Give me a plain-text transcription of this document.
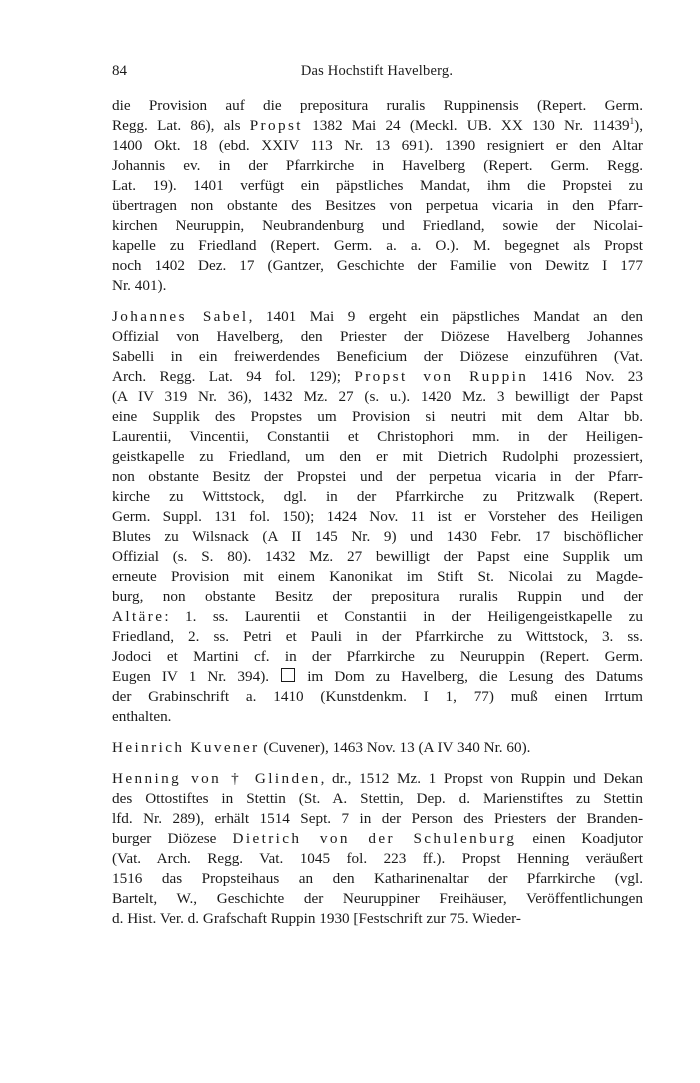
84	Das Hochstift Havelberg.
die Provision auf die prepositura ruralis Ruppinensis (Repert. Germ.
Regg. Lat. 86), als Propst 1382 Mai 24 (Meckl. UB. XX 130 Nr. 11439$^1$),
1400 Okt. 18 (ebd. XXIV 113 Nr. 13 691). 1390 resigniert er den Altar
Johannis ev. in der Pfarrkirche in Havelberg (Repert. Germ. Regg.
Lat. 19). 1401 verfügt ein päpstliches Mandat, ihm die Propstei zu
übertragen non obstante des Besitzes von perpetua vicaria in den Pfarr-
kirchen Neuruppin, Neubrandenburg und Friedland, sowie der Nicolai-
kapelle zu Friedland (Repert. Germ. a. a. O.). M. begegnet als Propst
noch 1402 Dez. 17 (Gantzer, Geschichte der Familie von Dewitz I 177
Nr. 401).
Johannes Sabel, 1401 Mai 9 ergeht ein päpstliches Mandat an den
Offizial von Havelberg, den Priester der Diözese Havelberg Johannes
Sabelli in ein freiwerdendes Beneficium der Diözese einzuführen (Vat.
Arch. Regg. Lat. 94 fol. 129); Propst von Ruppin 1416 Nov. 23
(A IV 319 Nr. 36), 1432 Mz. 27 (s. u.). 1420 Mz. 3 bewilligt der Papst
eine Supplik des Propstes um Provision si neutri mit dem Altar bb.
Laurentii, Vincentii, Constantii et Christophori mm. in der Heiligen-
geistkapelle zu Friedland, um den er mit Dietrich Rudolphi prozessiert,
non obstante Besitz der Propstei und der perpetua vicaria in der Pfarr-
kirche zu Wittstock, dgl. in der Pfarrkirche zu Pritzwalk (Repert.
Germ. Suppl. 131 fol. 150); 1424 Nov. 11 ist er Vorsteher des Heiligen
Blutes zu Wilsnack (A II 145 Nr. 9) und 1430 Febr. 17 bischöflicher
Offizial (s. S. 80). 1432 Mz. 27 bewilligt der Papst eine Supplik um
erneute Provision mit einem Kanonikat im Stift St. Nicolai zu Magde-
burg, non obstante Besitz der prepositura ruralis Ruppin und der
Altäre: 1. ss. Laurentii et Constantii in der Heiligengeistkapelle zu
Friedland, 2. ss. Petri et Pauli in der Pfarrkirche zu Wittstock, 3. ss.
Jodoci et Martini cf. in der Pfarrkirche zu Neuruppin (Repert. Germ.
Eugen IV 1 Nr. 394).  im Dom zu Havelberg, die Lesung des Datums
der Grabinschrift a. 1410 (Kunstdenkm. I 1, 77) muß einen Irrtum
enthalten.
Heinrich Kuvener (Cuvener), 1463 Nov. 13 (A IV 340 Nr. 60).
Henning von † Glinden, dr., 1512 Mz. 1 Propst von Ruppin und Dekan
des Ottostiftes in Stettin (St. A. Stettin, Dep. d. Marienstiftes zu Stettin
lfd. Nr. 289), erhält 1514 Sept. 7 in der Person des Priesters der Branden-
burger Diözese Dietrich von der Schulenburg einen Koadjutor
(Vat. Arch. Regg. Vat. 1045 fol. 223 ff.). Propst Henning veräußert
1516 das Propsteihaus an den Katharinenaltar der Pfarrkirche (vgl.
Bartelt, W., Geschichte der Neuruppiner Freihäuser, Veröffentlichungen
d. Hist. Ver. d. Grafschaft Ruppin 1930 [Festschrift zur 75. Wieder-
